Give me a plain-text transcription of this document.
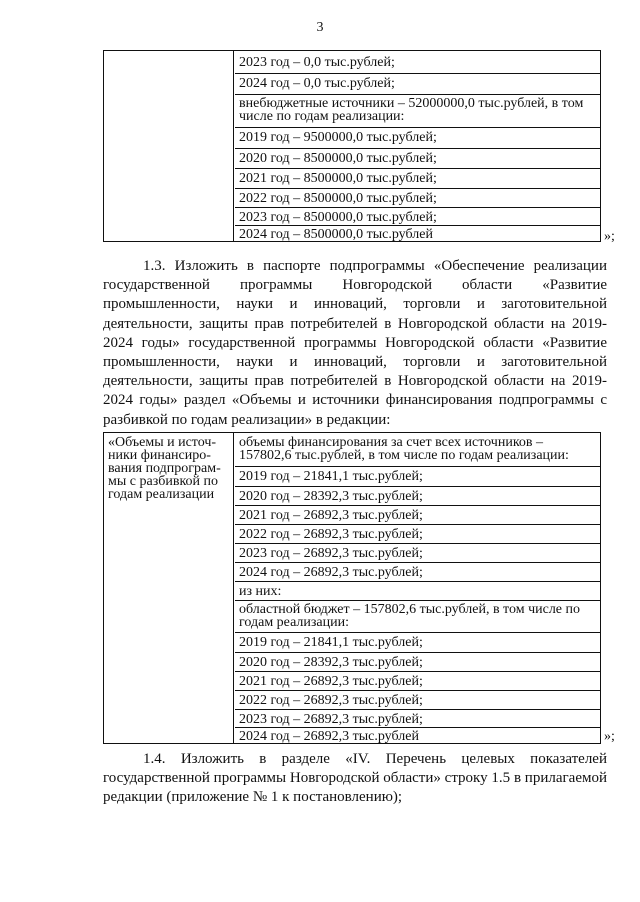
3
2023 год – 0,0 тыс.рублей;
2024 год – 0,0 тыс.рублей;
внебюджетные источники – 52000000,0 тыс.рублей, в том числе по годам реализации:
2019 год – 9500000,0 тыс.рублей;
2020 год – 8500000,0 тыс.рублей;
2021 год – 8500000,0 тыс.рублей;
2022 год – 8500000,0 тыс.рублей;
2023 год – 8500000,0 тыс.рублей;
2024 год – 8500000,0 тыс.рублей	»;
1.3. Изложить в паспорте подпрограммы «Обеспечение реализации государственной программы Новгородской области «Развитие промышленности, науки и инноваций, торговли и заготовительной деятельности, защиты прав потребителей в Новгородской области на 2019-2024 годы» государственной программы Новгородской области «Развитие промышленности, науки и инноваций, торговли и заготовительной деятельности, защиты прав потребителей в Новгородской области на 2019-2024 годы» раздел «Объемы и источники финансирования подпрограммы с разбивкой по годам реализации» в редакции:
«Объемы и источ-
ники финансиро-
вания подпрограм-
мы с разбивкой по
годам реализации
объемы финансирования за счет всех источников – 157802,6 тыс.рублей, в том числе по годам реализации:
2019 год – 21841,1 тыс.рублей;
2020 год – 28392,3 тыс.рублей;
2021 год – 26892,3 тыс.рублей;
2022 год – 26892,3 тыс.рублей;
2023 год – 26892,3 тыс.рублей;
2024 год – 26892,3 тыс.рублей;
из них:
областной бюджет – 157802,6 тыс.рублей, в том числе по годам реализации:
2019 год – 21841,1 тыс.рублей;
2020 год – 28392,3 тыс.рублей;
2021 год – 26892,3 тыс.рублей;
2022 год – 26892,3 тыс.рублей;
2023 год – 26892,3 тыс.рублей;
2024 год – 26892,3 тыс.рублей	»;
1.4. Изложить в разделе «IV. Перечень целевых показателей государственной программы Новгородской области» строку 1.5 в прилагаемой редакции (приложение № 1 к постановлению);
